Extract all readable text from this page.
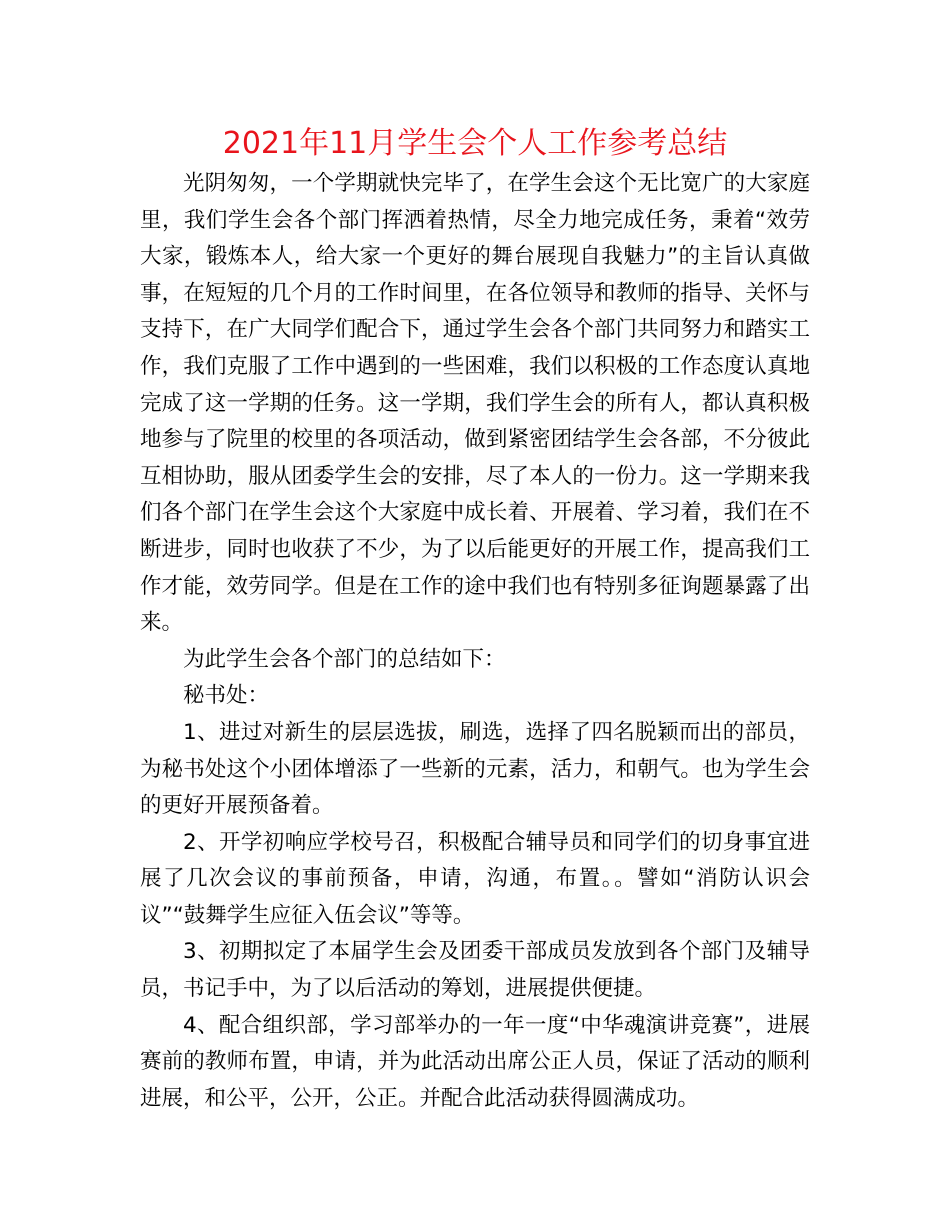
2021年11月学生会个人工作参考总结

光阴匆匆，一个学期就快完毕了，在学生会这个无比宽广的大家庭里，我们学生会各个部门挥洒着热情，尽全力地完成任务，秉着“效劳大家，锻炼本人，给大家一个更好的舞台展现自我魅力”的主旨认真做事，在短短的几个月的工作时间里，在各位领导和教师的指导、关怀与支持下，在广大同学们配合下，通过学生会各个部门共同努力和踏实工作，我们克服了工作中遇到的一些困难，我们以积极的工作态度认真地完成了这一学期的任务。这一学期，我们学生会的所有人，都认真积极地参与了院里的校里的各项活动，做到紧密团结学生会各部，不分彼此互相协助，服从团委学生会的安排，尽了本人的一份力。这一学期来我们各个部门在学生会这个大家庭中成长着、开展着、学习着，我们在不断进步，同时也收获了不少，为了以后能更好的开展工作，提高我们工作才能，效劳同学。但是在工作的途中我们也有特别多征询题暴露了出来。

为此学生会各个部门的总结如下：

秘书处：

1、进过对新生的层层选拔，刷选，选择了四名脱颖而出的部员，为秘书处这个小团体增添了一些新的元素，活力，和朝气。也为学生会的更好开展预备着。

2、开学初响应学校号召，积极配合辅导员和同学们的切身事宜进展了几次会议的事前预备，申请，沟通，布置。。譬如“消防认识会议”“鼓舞学生应征入伍会议”等等。

3、初期拟定了本届学生会及团委干部成员发放到各个部门及辅导员，书记手中，为了以后活动的筹划，进展提供便捷。

4、配合组织部，学习部举办的一年一度“中华魂演讲竞赛”，进展赛前的教师布置，申请，并为此活动出席公正人员，保证了活动的顺利进展，和公平，公开，公正。并配合此活动获得圆满成功。
